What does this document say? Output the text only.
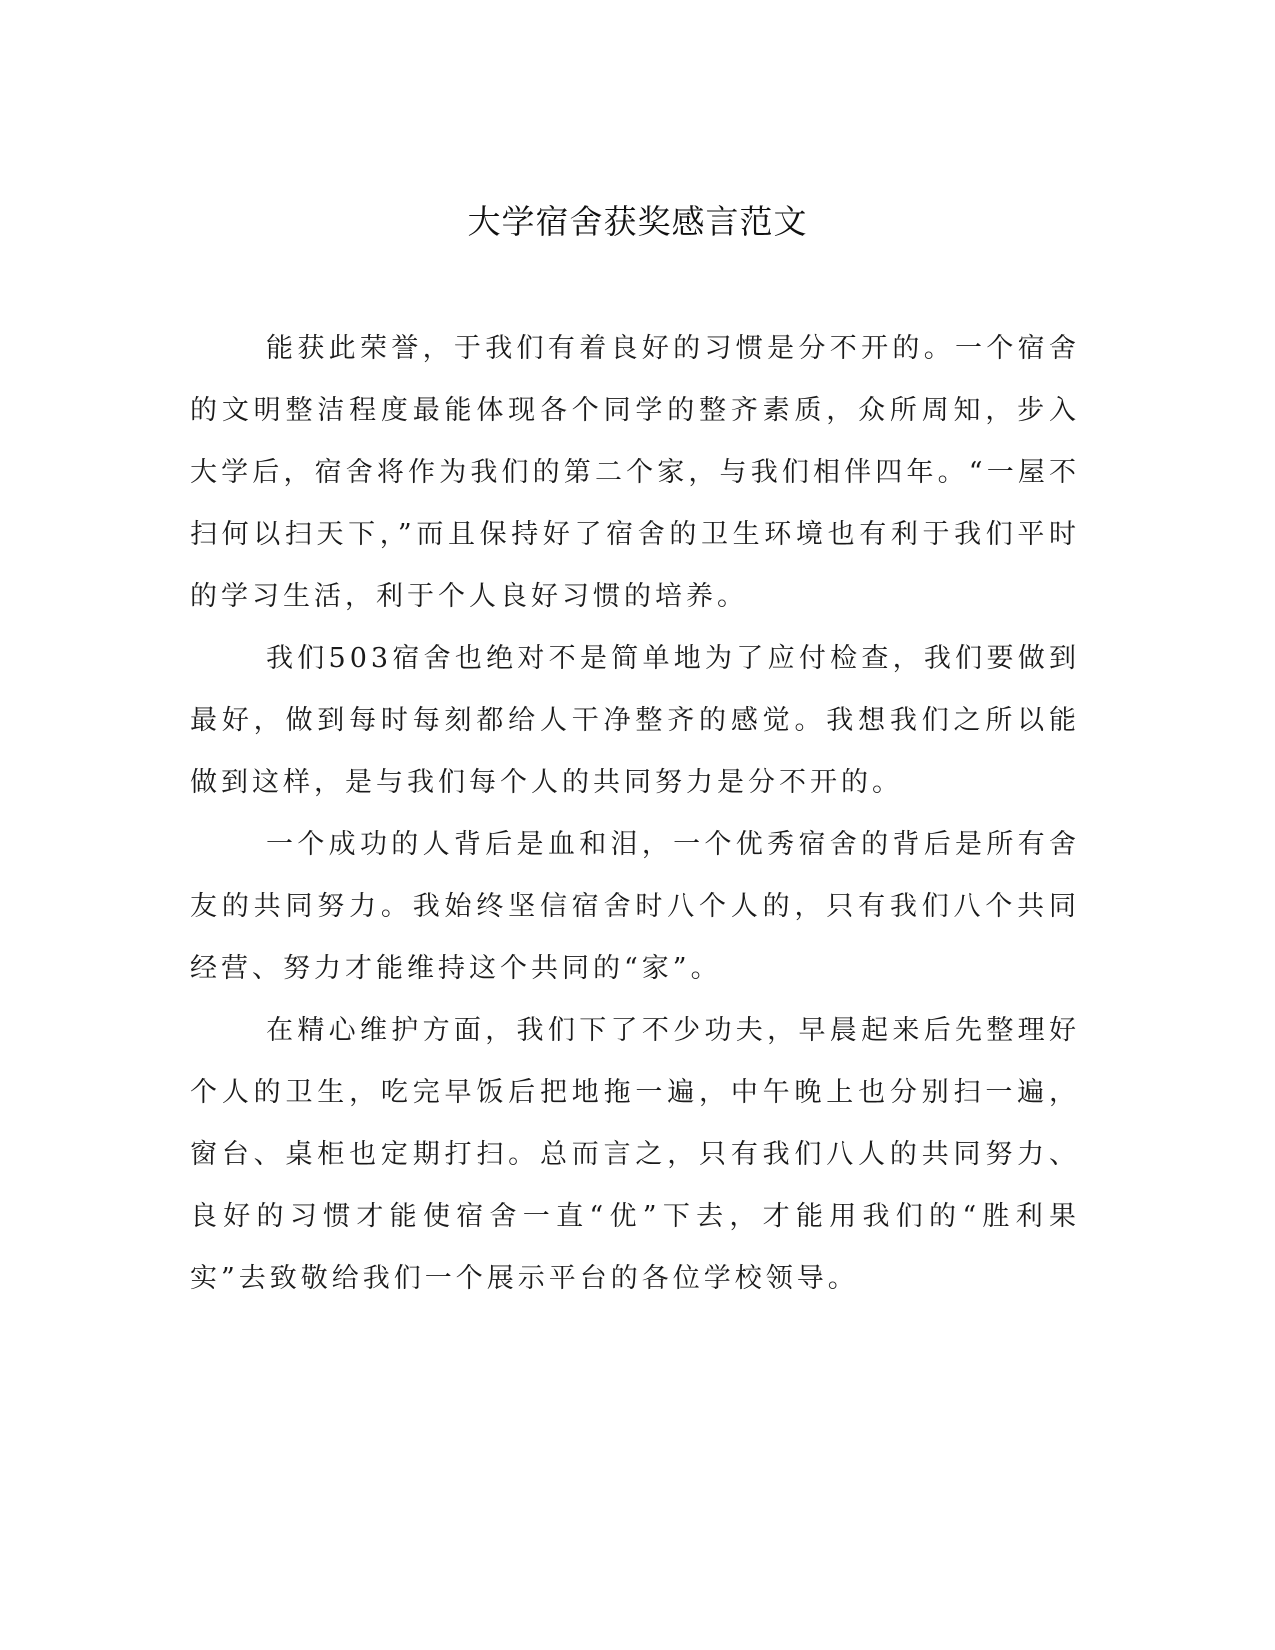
大学宿舍获奖感言范文

能获此荣誉，于我们有着良好的习惯是分不开的。一个宿舍的文明整洁程度最能体现各个同学的整齐素质，众所周知，步入大学后，宿舍将作为我们的第二个家，与我们相伴四年。“一屋不扫何以扫天下，”而且保持好了宿舍的卫生环境也有利于我们平时的学习生活，利于个人良好习惯的培养。

我们503宿舍也绝对不是简单地为了应付检查，我们要做到最好，做到每时每刻都给人干净整齐的感觉。我想我们之所以能做到这样，是与我们每个人的共同努力是分不开的。

一个成功的人背后是血和泪，一个优秀宿舍的背后是所有舍友的共同努力。我始终坚信宿舍时八个人的，只有我们八个共同经营、努力才能维持这个共同的“家”。

在精心维护方面，我们下了不少功夫，早晨起来后先整理好个人的卫生，吃完早饭后把地拖一遍，中午晚上也分别扫一遍，窗台、桌柜也定期打扫。总而言之，只有我们八人的共同努力、良好的习惯才能使宿舍一直“优”下去，才能用我们的“胜利果实”去致敬给我们一个展示平台的各位学校领导。
